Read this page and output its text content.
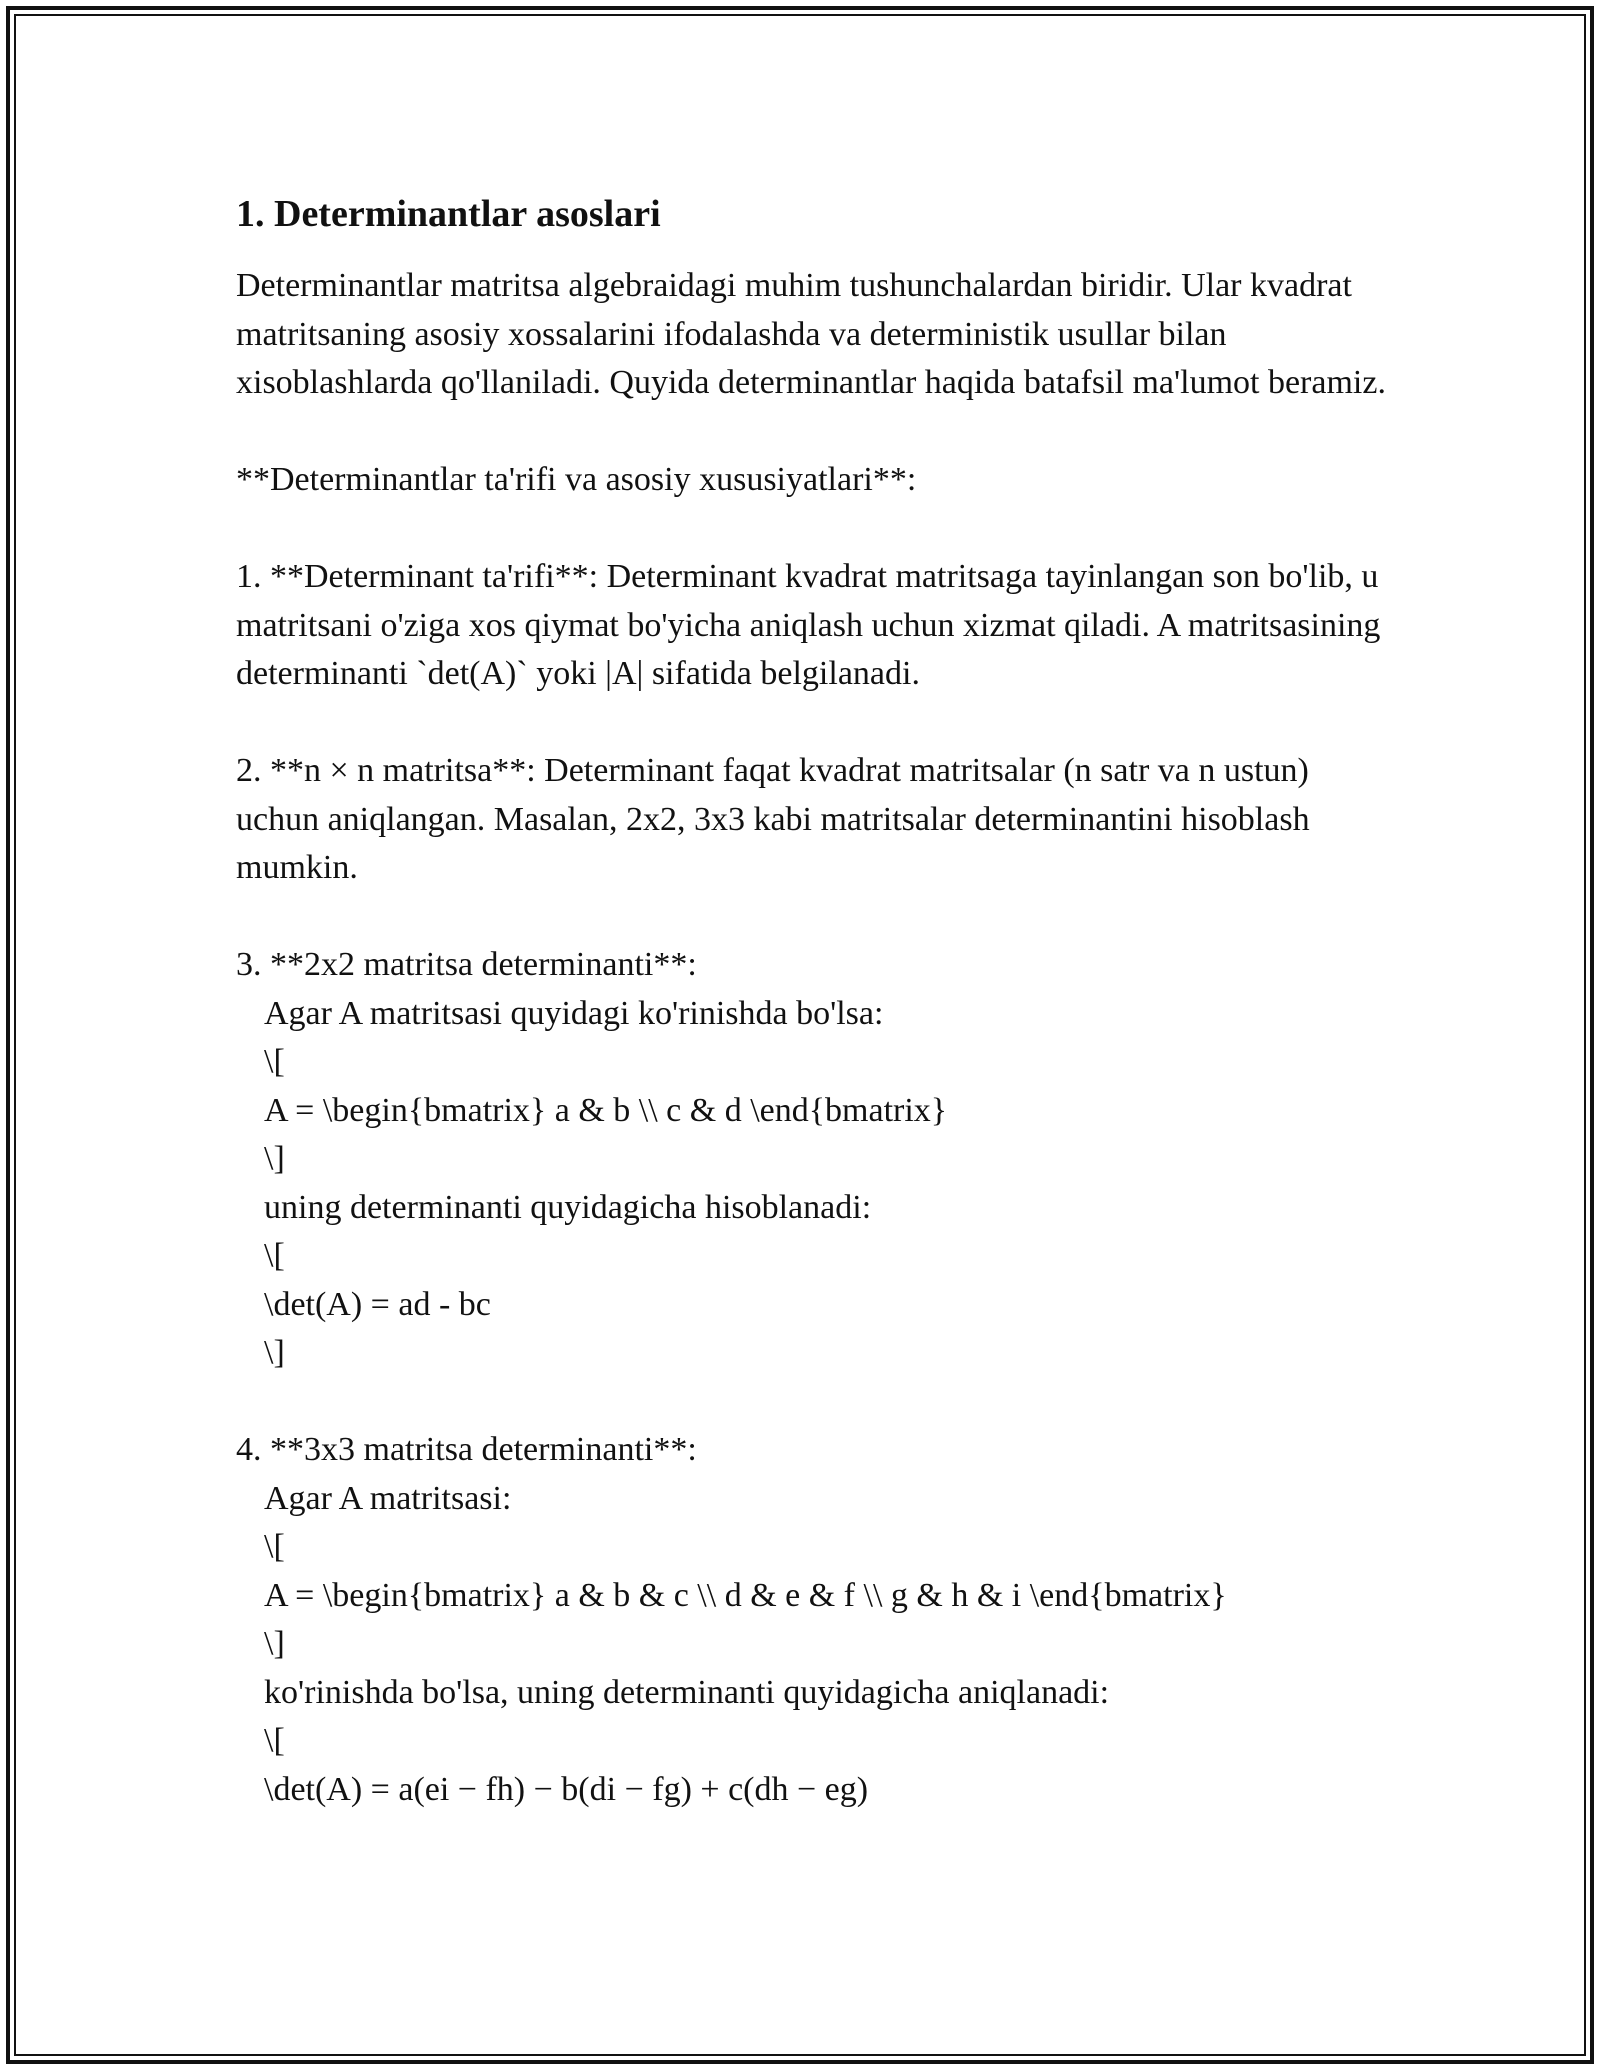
1. Determinantlar asoslari

Determinantlar matritsa algebraidagi muhim tushunchalardan biridir. Ular kvadrat matritsaning asosiy xossalarini ifodalashda va deterministik usullar bilan xisoblashlarda qo'llaniladi. Quyida determinantlar haqida batafsil ma'lumot beramiz.

**Determinantlar ta'rifi va asosiy xususiyatlari**:

1. **Determinant ta'rifi**: Determinant kvadrat matritsaga tayinlangan son bo'lib, u matritsani o'ziga xos qiymat bo'yicha aniqlash uchun xizmat qiladi. A matritsasining determinanti `det(A)` yoki |A| sifatida belgilanadi.

2. **n × n matritsa**: Determinant faqat kvadrat matritsalar (n satr va n ustun) uchun aniqlangan. Masalan, 2x2, 3x3 kabi matritsalar determinantini hisoblash mumkin.

3. **2x2 matritsa determinanti**:

Agar A matritsasi quyidagi ko'rinishda bo'lsa:

\[

A = \begin{bmatrix} a & b \\ c & d \end{bmatrix}

\]

uning determinanti quyidagicha hisoblanadi:

\[

\det(A) = ad - bc

\]

4. **3x3 matritsa determinanti**:

Agar A matritsasi:

\[

A = \begin{bmatrix} a & b & c \\ d & e & f \\ g & h & i \end{bmatrix}

\]

ko'rinishda bo'lsa, uning determinanti quyidagicha aniqlanadi:

\[

\det(A) = a(ei − fh) − b(di − fg) + c(dh − eg)
